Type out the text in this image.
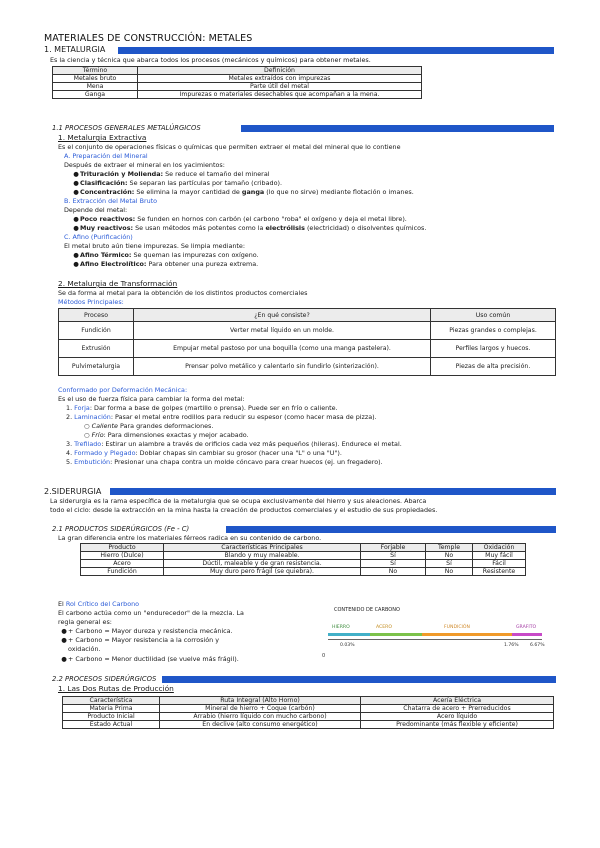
MATERIALES DE CONSTRUCCIÓN: METALES
1. METALURGIA
Es la ciencia y técnica que abarca todos los procesos (mecánicos y químicos) para obtener metales.
Término	Definición
Metales bruto	Metales extraídos con impurezas
Mena	Parte útil del metal
Ganga	Impurezas o materiales desechables que acompañan a la mena.
1.1 PROCESOS GENERALES METALÚRGICOS
1. Metalurgia Extractiva
Es el conjunto de operaciones físicas o químicas que permiten extraer el metal del mineral que lo contiene
A. Preparación del Mineral
Después de extraer el mineral en los yacimientos:
●Trituración y Molienda: Se reduce el tamaño del mineral
●Clasificación: Se separan las partículas por tamaño (cribado).
●Concentración: Se elimina la mayor cantidad de ganga (lo que no sirve) mediante flotación o imanes.
B. Extracción del Metal Bruto
Depende del metal:
●Poco reactivos: Se funden en hornos con carbón (el carbono "roba" el oxígeno y deja el metal libre).
●Muy reactivos: Se usan métodos más potentes como la electrólisis (electricidad) o disolventes químicos.
C. Afino (Purificación)
El metal bruto aún tiene impurezas. Se limpia mediante:
●Afino Térmico: Se queman las impurezas con oxígeno.
●Afino Electrolítico: Para obtener una pureza extrema.
2. Metalurgia de Transformación
Se da forma al metal para la obtención de los distintos productos comerciales
Métodos Principales:
Proceso	¿En qué consiste?	Uso común
Fundición	Verter metal líquido en un molde.	Piezas grandes o complejas.
Extrusión	Empujar metal pastoso por una boquilla (como una manga pastelera).	Perfiles largos y huecos.
Pulvimetalurgia	Prensar polvo metálico y calentarlo sin fundirlo (sinterización).	Piezas de alta precisión.
Conformado por Deformación Mecánica:
Es el uso de fuerza física para cambiar la forma del metal:
1. Forja: Dar forma a base de golpes (martillo o prensa). Puede ser en frío o caliente.
2. Laminación: Pasar el metal entre rodillos para reducir su espesor (como hacer masa de pizza).
○ Caliente Para grandes deformaciones.
○ Frío: Para dimensiones exactas y mejor acabado.
3. Trefilado: Estirar un alambre a través de orificios cada vez más pequeños (hileras). Endurece el metal.
4. Formado y Plegado: Doblar chapas sin cambiar su grosor (hacer una "L" o una "U").
5. Embutición: Presionar una chapa contra un molde cóncavo para crear huecos (ej. un fregadero).
2.SIDERURGIA
La siderurgia es la rama específica de la metalurgia que se ocupa exclusivamente del hierro y sus aleaciones. Abarca
todo el ciclo: desde la extracción en la mina hasta la creación de productos comerciales y el estudio de sus propiedades.
2.1 PRODUCTOS SIDERÚRGICOS (Fe - C)
La gran diferencia entre los materiales férreos radica en su contenido de carbono.
Producto	Características Principales	Forjable	Temple	Oxidación
Hierro (Dulce)	Blando y muy maleable.	Sí	No	Muy fácil
Acero	Dúctil, maleable y de gran resistencia.	Sí	Sí	Fácil
Fundición	Muy duro pero frágil (se quiebra).	No	No	Resistente
El Rol Crítico del Carbono
El carbono actúa como un "endurecedor" de la mezcla. La
regla general es:
●+ Carbono = Mayor dureza y resistencia mecánica.
●+ Carbono = Mayor resistencia a la corrosión y
oxidación.
●+ Carbono = Menor ductilidad (se vuelve más frágil).
CONTENIDO DE CARBONO
HIERRO	ACERO	FUNDICIÓN	GRAFITO
0.03%	1.76% 6.67%
0
2.2 PROCESOS SIDERÚRGICOS
1. Las Dos Rutas de Producción
Característica	Ruta Integral (Alto Horno)	Acería Eléctrica
Materia Prima	Mineral de hierro + Coque (carbón)	Chatarra de acero + Prerreducidos
Producto Inicial	Arrabio (hierro líquido con mucho carbono)	Acero líquido
Estado Actual	En declive (alto consumo energético)	Predominante (más flexible y eficiente)
